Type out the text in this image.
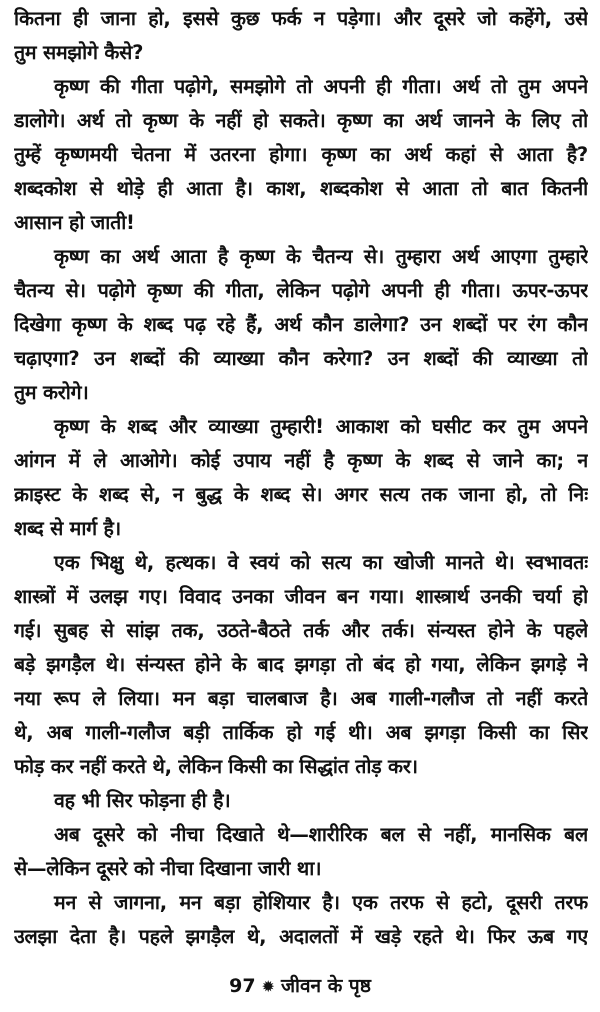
कितना ही जाना हो, इससे कुछ फर्क न पड़ेगा। और दूसरे जो कहेंगे, उसे
तुम समझोगे कैसे?
कृष्ण की गीता पढ़ोगे, समझोगे तो अपनी ही गीता। अर्थ तो तुम अपने
डालोगे। अर्थ तो कृष्ण के नहीं हो सकते। कृष्ण का अर्थ जानने के लिए तो
तुम्हें कृष्णमयी चेतना में उतरना होगा। कृष्ण का अर्थ कहां से आता है?
शब्दकोश से थोड़े ही आता है। काश, शब्दकोश से आता तो बात कितनी
आसान हो जाती!
कृष्ण का अर्थ आता है कृष्ण के चैतन्य से। तुम्हारा अर्थ आएगा तुम्हारे
चैतन्य से। पढ़ोगे कृष्ण की गीता, लेकिन पढ़ोगे अपनी ही गीता। ऊपर-ऊपर
दिखेगा कृष्ण के शब्द पढ़ रहे हैं, अर्थ कौन डालेगा? उन शब्दों पर रंग कौन
चढ़ाएगा? उन शब्दों की व्याख्या कौन करेगा? उन शब्दों की व्याख्या तो
तुम करोगे।
कृष्ण के शब्द और व्याख्या तुम्हारी! आकाश को घसीट कर तुम अपने
आंगन में ले आओगे। कोई उपाय नहीं है कृष्ण के शब्द से जाने का; न
क्राइस्ट के शब्द से, न बुद्ध के शब्द से। अगर सत्य तक जाना हो, तो निः
शब्द से मार्ग है।
एक भिक्षु थे, हत्थक। वे स्वयं को सत्य का खोजी मानते थे। स्वभावतः
शास्त्रों में उलझ गए। विवाद उनका जीवन बन गया। शास्त्रार्थ उनकी चर्या हो
गई। सुबह से सांझ तक, उठते-बैठते तर्क और तर्क। संन्यस्त होने के पहले
बड़े झगड़ैल थे। संन्यस्त होने के बाद झगड़ा तो बंद हो गया, लेकिन झगड़े ने
नया रूप ले लिया। मन बड़ा चालबाज है। अब गाली-गलौज तो नहीं करते
थे, अब गाली-गलौज बड़ी तार्किक हो गई थी। अब झगड़ा किसी का सिर
फोड़ कर नहीं करते थे, लेकिन किसी का सिद्धांत तोड़ कर।
वह भी सिर फोड़ना ही है।
अब दूसरे को नीचा दिखाते थे—शारीरिक बल से नहीं, मानसिक बल
से—लेकिन दूसरे को नीचा दिखाना जारी था।
मन से जागना, मन बड़ा होशियार है। एक तरफ से हटो, दूसरी तरफ
उलझा देता है। पहले झगड़ैल थे, अदालतों में खड़े रहते थे। फिर ऊब गए
97 ✹ जीवन के पृष्ठ
